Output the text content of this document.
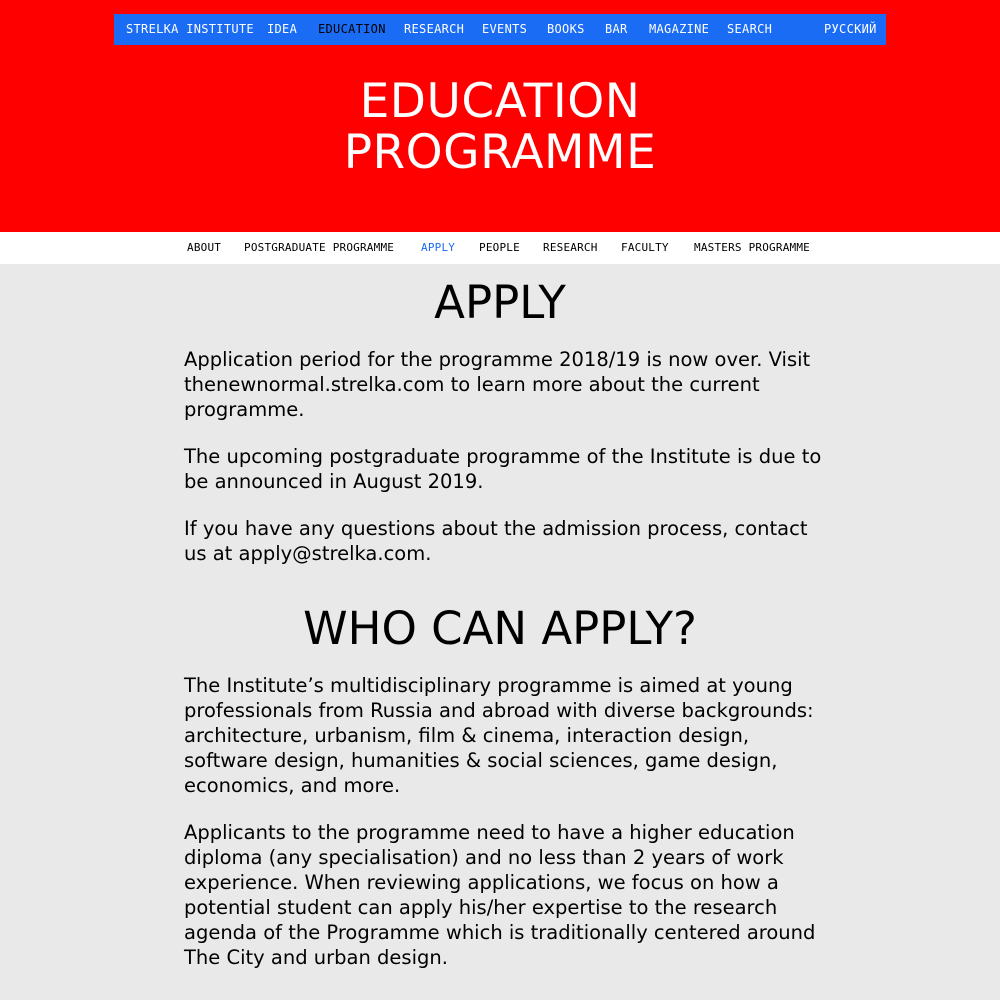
STRELKA INSTITUTE IDEA EDUCATION RESEARCH EVENTS BOOKS BAR MAGAZINE SEARCH	РУССКИЙ
EDUCATION
PROGRAMME
ABOUT POSTGRADUATE PROGRAMME APPLY PEOPLE RESEARCH FACULTY MASTERS PROGRAMME
APPLY

Application period for the programme 2018/19 is now over. Visit thenewnormal.strelka.com to learn more about the current programme.

The upcoming postgraduate programme of the Institute is due to be announced in August 2019.

If you have any questions about the admission process, contact us at apply@strelka.com.

WHO CAN APPLY?

The Institute’s multidisciplinary programme is aimed at young professionals from Russia and abroad with diverse backgrounds: architecture, urbanism, film & cinema, interaction design, software design, humanities & social sciences, game design, economics, and more.

Applicants to the programme need to have a higher education diploma (any specialisation) and no less than 2 years of work experience. When reviewing applications, we focus on how a potential student can apply his/her expertise to the research agenda of the Programme which is traditionally centered around The City and urban design.
